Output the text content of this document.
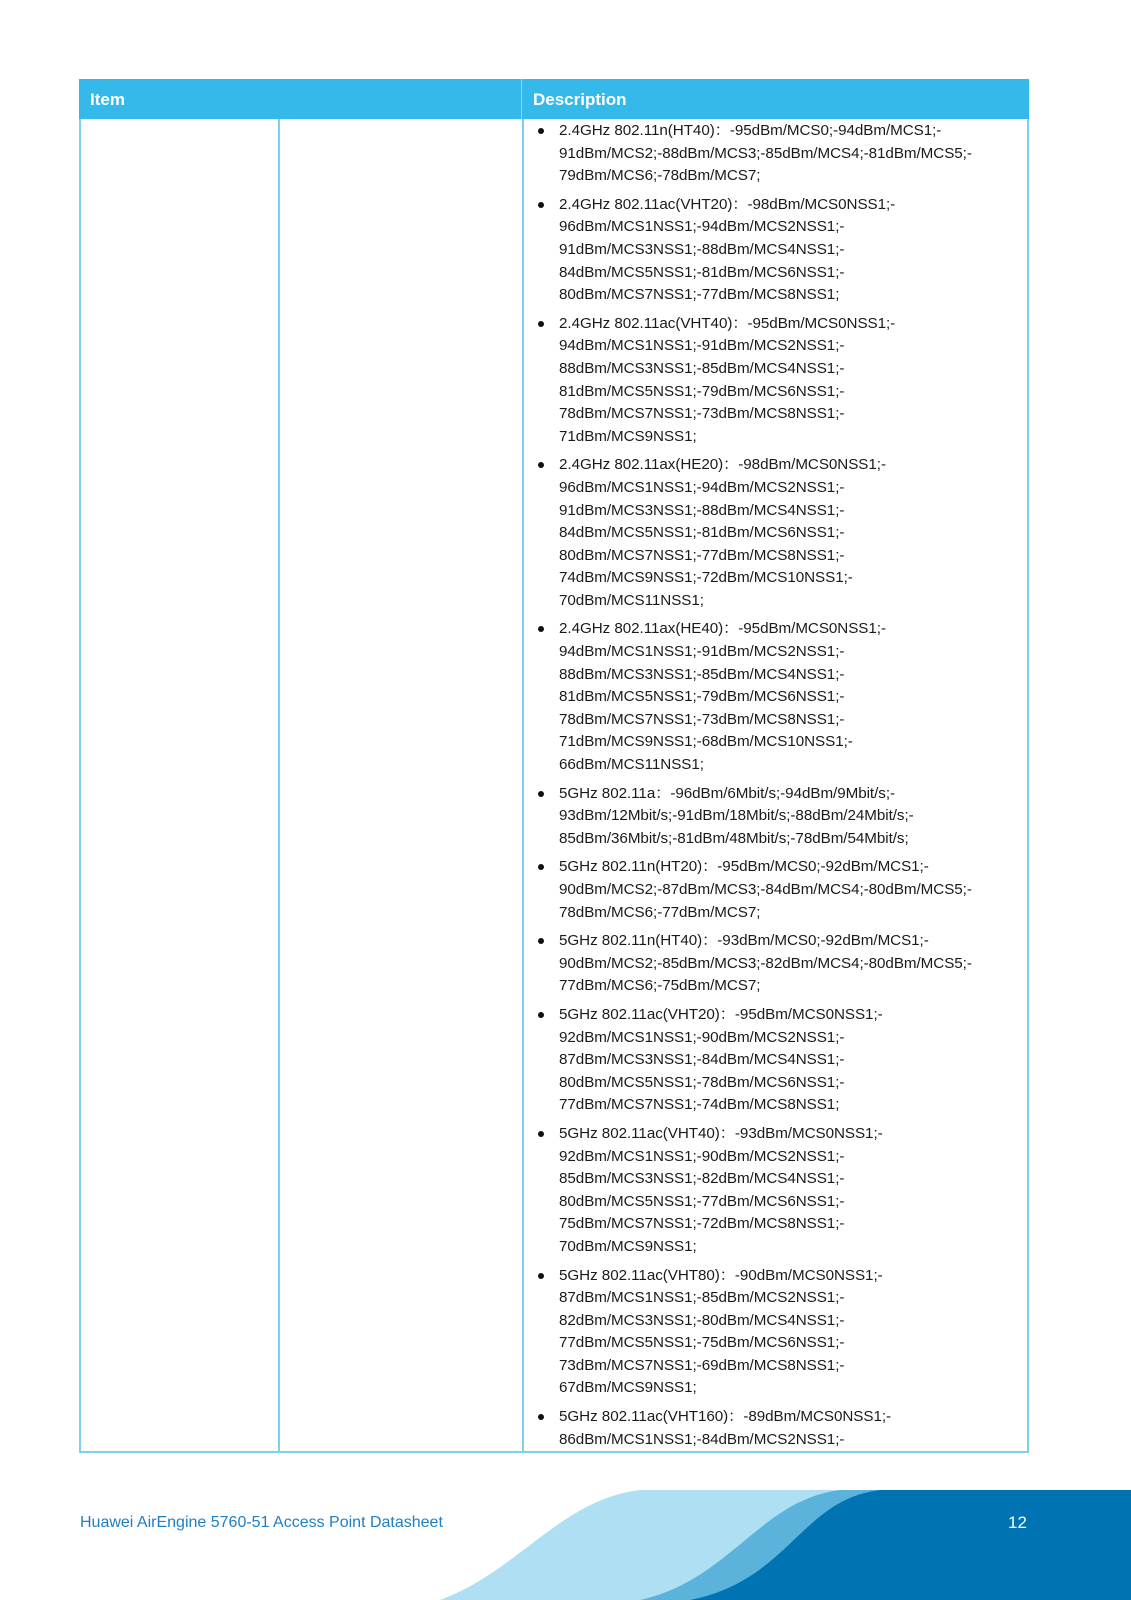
Item	Description
2.4GHz 802.11n(HT40)：-95dBm/MCS0;-94dBm/MCS1;-
91dBm/MCS2;-88dBm/MCS3;-85dBm/MCS4;-81dBm/MCS5;-
79dBm/MCS6;-78dBm/MCS7;
2.4GHz 802.11ac(VHT20)：-98dBm/MCS0NSS1;-
96dBm/MCS1NSS1;-94dBm/MCS2NSS1;-
91dBm/MCS3NSS1;-88dBm/MCS4NSS1;-
84dBm/MCS5NSS1;-81dBm/MCS6NSS1;-
80dBm/MCS7NSS1;-77dBm/MCS8NSS1;
2.4GHz 802.11ac(VHT40)：-95dBm/MCS0NSS1;-
94dBm/MCS1NSS1;-91dBm/MCS2NSS1;-
88dBm/MCS3NSS1;-85dBm/MCS4NSS1;-
81dBm/MCS5NSS1;-79dBm/MCS6NSS1;-
78dBm/MCS7NSS1;-73dBm/MCS8NSS1;-
71dBm/MCS9NSS1;
2.4GHz 802.11ax(HE20)：-98dBm/MCS0NSS1;-
96dBm/MCS1NSS1;-94dBm/MCS2NSS1;-
91dBm/MCS3NSS1;-88dBm/MCS4NSS1;-
84dBm/MCS5NSS1;-81dBm/MCS6NSS1;-
80dBm/MCS7NSS1;-77dBm/MCS8NSS1;-
74dBm/MCS9NSS1;-72dBm/MCS10NSS1;-
70dBm/MCS11NSS1;
2.4GHz 802.11ax(HE40)：-95dBm/MCS0NSS1;-
94dBm/MCS1NSS1;-91dBm/MCS2NSS1;-
88dBm/MCS3NSS1;-85dBm/MCS4NSS1;-
81dBm/MCS5NSS1;-79dBm/MCS6NSS1;-
78dBm/MCS7NSS1;-73dBm/MCS8NSS1;-
71dBm/MCS9NSS1;-68dBm/MCS10NSS1;-
66dBm/MCS11NSS1;
5GHz 802.11a：-96dBm/6Mbit/s;-94dBm/9Mbit/s;-
93dBm/12Mbit/s;-91dBm/18Mbit/s;-88dBm/24Mbit/s;-
85dBm/36Mbit/s;-81dBm/48Mbit/s;-78dBm/54Mbit/s;
5GHz 802.11n(HT20)：-95dBm/MCS0;-92dBm/MCS1;-
90dBm/MCS2;-87dBm/MCS3;-84dBm/MCS4;-80dBm/MCS5;-
78dBm/MCS6;-77dBm/MCS7;
5GHz 802.11n(HT40)：-93dBm/MCS0;-92dBm/MCS1;-
90dBm/MCS2;-85dBm/MCS3;-82dBm/MCS4;-80dBm/MCS5;-
77dBm/MCS6;-75dBm/MCS7;
5GHz 802.11ac(VHT20)：-95dBm/MCS0NSS1;-
92dBm/MCS1NSS1;-90dBm/MCS2NSS1;-
87dBm/MCS3NSS1;-84dBm/MCS4NSS1;-
80dBm/MCS5NSS1;-78dBm/MCS6NSS1;-
77dBm/MCS7NSS1;-74dBm/MCS8NSS1;
5GHz 802.11ac(VHT40)：-93dBm/MCS0NSS1;-
92dBm/MCS1NSS1;-90dBm/MCS2NSS1;-
85dBm/MCS3NSS1;-82dBm/MCS4NSS1;-
80dBm/MCS5NSS1;-77dBm/MCS6NSS1;-
75dBm/MCS7NSS1;-72dBm/MCS8NSS1;-
70dBm/MCS9NSS1;
5GHz 802.11ac(VHT80)：-90dBm/MCS0NSS1;-
87dBm/MCS1NSS1;-85dBm/MCS2NSS1;-
82dBm/MCS3NSS1;-80dBm/MCS4NSS1;-
77dBm/MCS5NSS1;-75dBm/MCS6NSS1;-
73dBm/MCS7NSS1;-69dBm/MCS8NSS1;-
67dBm/MCS9NSS1;
5GHz 802.11ac(VHT160)：-89dBm/MCS0NSS1;-
86dBm/MCS1NSS1;-84dBm/MCS2NSS1;-
Huawei AirEngine 5760-51 Access Point Datasheet	12
